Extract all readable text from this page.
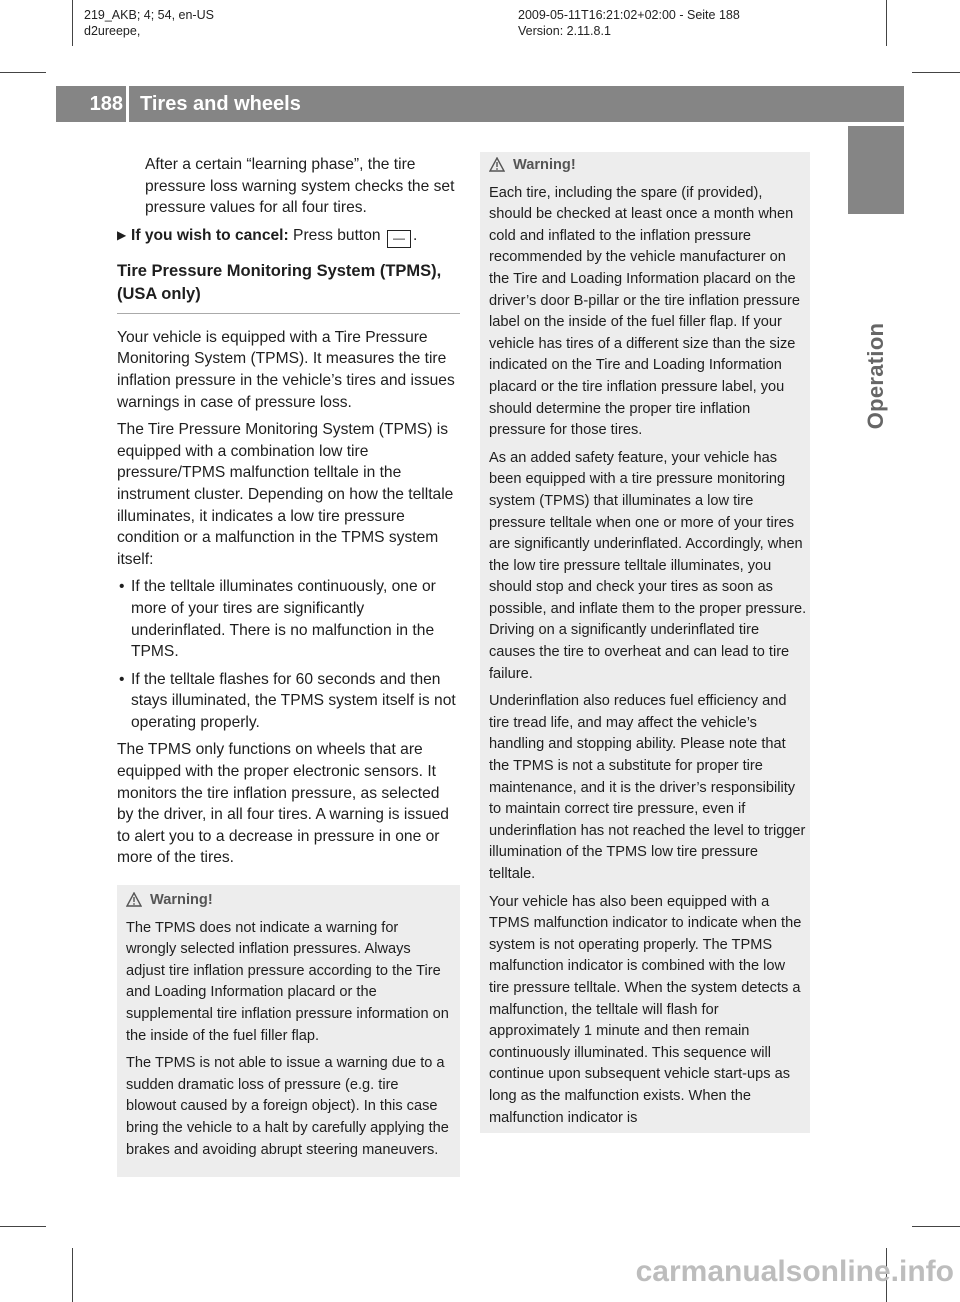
219_AKB; 4; 54, en-US
d2ureepe,
2009-05-11T16:21:02+02:00 - Seite 188
Version: 2.11.8.1
188 Tires and wheels
Operation

After a certain “learning phase”, the tire pressure loss warning system checks the set pressure values for all four tires.

▶ If you wish to cancel: Press button — .
Tire Pressure Monitoring System (TPMS), (USA only)

Your vehicle is equipped with a Tire Pressure Monitoring System (TPMS). It measures the tire inflation pressure in the vehicle’s tires and issues warnings in case of pressure loss.

The Tire Pressure Monitoring System (TPMS) is equipped with a combination low tire pressure/TPMS malfunction telltale in the instrument cluster. Depending on how the telltale illuminates, it indicates a low tire pressure condition or a malfunction in the TPMS system itself:

• If the telltale illuminates continuously, one or more of your tires are significantly underinflated. There is no malfunction in the TPMS.
• If the telltale flashes for 60 seconds and then stays illuminated, the TPMS system itself is not operating properly.

The TPMS only functions on wheels that are equipped with the proper electronic sensors. It monitors the tire inflation pressure, as selected by the driver, in all four tires. A warning is issued to alert you to a decrease in pressure in one or more of the tires.

Warning!

The TPMS does not indicate a warning for wrongly selected inflation pressures. Always adjust tire inflation pressure according to the Tire and Loading Information placard or the supplemental tire inflation pressure information on the inside of the fuel filler flap.

The TPMS is not able to issue a warning due to a sudden dramatic loss of pressure (e.g. tire blowout caused by a foreign object). In this case bring the vehicle to a halt by carefully applying the brakes and avoiding abrupt steering maneuvers.

Warning!

Each tire, including the spare (if provided), should be checked at least once a month when cold and inflated to the inflation pressure recommended by the vehicle manufacturer on the Tire and Loading Information placard on the driver’s door B-pillar or the tire inflation pressure label on the inside of the fuel filler flap. If your vehicle has tires of a different size than the size indicated on the Tire and Loading Information placard or the tire inflation pressure label, you should determine the proper tire inflation pressure for those tires.

As an added safety feature, your vehicle has been equipped with a tire pressure monitoring system (TPMS) that illuminates a low tire pressure telltale when one or more of your tires are significantly underinflated. Accordingly, when the low tire pressure telltale illuminates, you should stop and check your tires as soon as possible, and inflate them to the proper pressure. Driving on a significantly underinflated tire causes the tire to overheat and can lead to tire failure.

Underinflation also reduces fuel efficiency and tire tread life, and may affect the vehicle’s handling and stopping ability. Please note that the TPMS is not a substitute for proper tire maintenance, and it is the driver’s responsibility to maintain correct tire pressure, even if underinflation has not reached the level to trigger illumination of the TPMS low tire pressure telltale.

Your vehicle has also been equipped with a TPMS malfunction indicator to indicate when the system is not operating properly. The TPMS malfunction indicator is combined with the low tire pressure telltale. When the system detects a malfunction, the telltale will flash for approximately 1 minute and then remain continuously illuminated. This sequence will continue upon subsequent vehicle start-ups as long as the malfunction exists. When the malfunction indicator is

carmanualsonline.info
